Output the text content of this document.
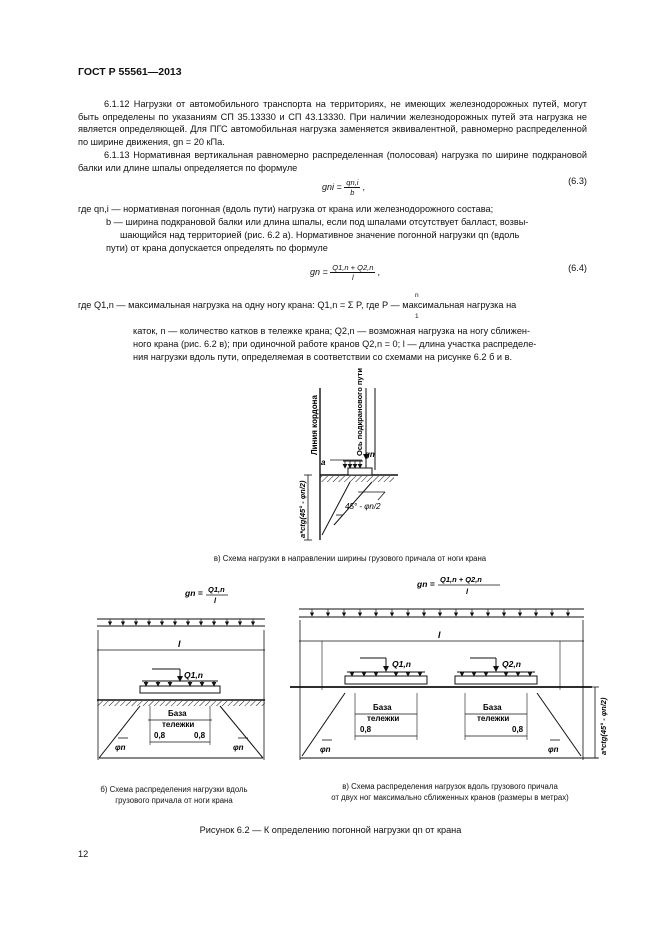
ГОСТ Р 55561—2013
6.1.12 Нагрузки от автомобильного транспорта на территориях, не имеющих железнодорожных путей, могут быть определены по указаниям СП 35.13330 и СП 43.13330. При наличии железнодорожных путей эта нагрузка не является определяющей. Для ПГС автомобильная нагрузка заменяется эквивалентной, равномерно распределенной по ширине движения, gn = 20 кПа.
6.1.13 Нормативная вертикальная равномерно распределенная (полосовая) нагрузка по ширине подкрановой балки или длине шпалы определяется по формуле
gni = $\frac{qn,i}{b}$ ,
(6.3)
где qn,i — нормативная погонная (вдоль пути) нагрузка от крана или железнодорожного состава;
b — ширина подкрановой балки или длина шпалы, если под шпалами отсутствует балласт, возвы-
шающийся над территорией (рис. 6.2 а). Нормативное значение погонной нагрузки qn (вдоль
пути) от крана допускается определять по формуле
gn = $\frac{Q1,n + Q2,n}{l}$ ,	(6.4)
где Q1,n — максимальная нагрузка на одну ногу крана: Q1,n = Σ P, где P — максимальная нагрузка на
n
1
каток, n — количество катков в тележке крана; Q2,n — возможная нагрузка на ногу сближен-
ного крана (рис. 6.2 в); при одиночной работе кранов Q2,n = 0; l — длина участка распределе-
ния нагрузки вдоль пути, определяемая в соответствии со схемами на рисунке 6.2 б и в.
a
gn
45° - φn/2
Линия кордона	Ось подкранового пути
a*ctg(45° - φn/2)
gn = Q1,n
l
l
Q1,n
База
тележки
0,8	0,8
φn	φn
gn = Q1,n + Q2,n
l
l
Q1,n	Q2,n
База
тележки
База
тележки
0,8	0,8
φn	φn	a*ctg(45° - φn/2)
в) Схема нагрузки в направлении ширины грузового причала от ноги крана
б) Схема распределения нагрузки вдоль
грузового причала от ноги крана
в) Схема распределения нагрузок вдоль грузового причала
от двух ног максимально сближенных кранов (размеры в метрах)
Рисунок 6.2 — К определению погонной нагрузки qn от крана
12
